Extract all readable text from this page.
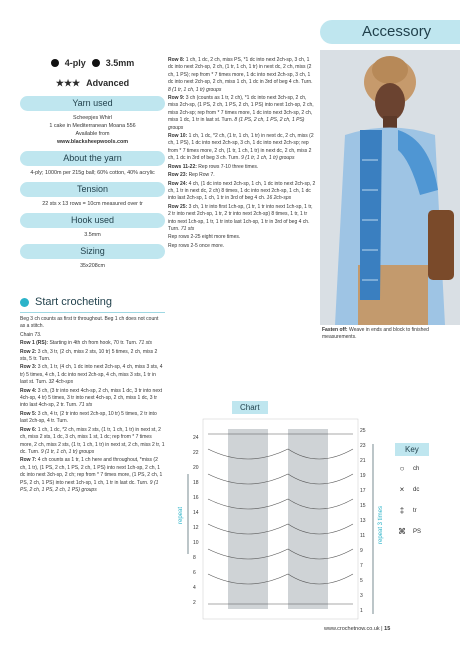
Accessory
4-ply 3.5mm
★★★ Advanced
Yarn used
Scheepjes Whirl
1 cake in Mediterranean Moana 556
Available from
www.blacksheepwools.com
About the yarn
4-ply; 1000m per 215g ball; 60% cotton, 40% acrylic
Tension
22 sts x 13 rows = 10cm measured over tr
Hook used
3.5mm
Sizing
35x208cm
Start crocheting

Beg 3 ch counts as first tr throughout. Beg 1 ch does not count as a stitch.

Chain 73.

Row 1 (RS): Starting in 4th ch from hook, 70 tr. Turn. 71 sts

Row 2: 3 ch, 3 tr, (2 ch, miss 2 sts, 10 tr) 5 times, 2 ch, miss 2 sts, 5 tr. Turn.

Row 3: 3 ch, 1 tr, (4 ch, 1 dc into next 2ch-sp, 4 ch, miss 3 sts, 4 tr) 5 times, 4 ch, 1 dc into next 2ch-sp, 4 ch, miss 3 sts, 1 tr in last st. Turn. 32 4ch-sps

Row 4: 3 ch, (3 tr into next 4ch-sp, 2 ch, miss 1 dc, 3 tr into next 4ch-sp, 4 tr) 5 times, 3 tr into next 4ch-sp, 2 ch, miss 1 dc, 3 tr into last 4ch-sp, 2 tr. Turn. 71 sts

Row 5: 3 ch, 4 tr, (2 tr into next 2ch-sp, 10 tr) 5 times, 2 tr into last 2ch-sp, 4 tr. Turn.

Row 6: 1 ch, 1 dc, *2 ch, miss 2 sts, (1 tr, 1 ch, 1 tr) in next st, 2 ch, miss 2 sts, 1 dc, 3 ch, miss 1 st, 1 dc; rep from * 7 times more, 2 ch, miss 2 sts, (1 tr, 1 ch, 1 tr) in next st, 2 ch, miss 2 tr, 1 dc. Turn. 9 (1 tr, 1 ch, 1 tr) groups

Row 7: 4 ch counts as 1 tr, 1 ch here and throughout, *miss (2 ch, 1 tr), (1 PS, 2 ch, 1 PS, 2 ch, 1 PS) into next 1ch-sp, 2 ch, 1 dc into next 3ch-sp, 2 ch; rep from * 7 times more, (1 PS, 2 ch, 1 PS, 2 ch, 1 PS) into next 1ch-sp, 1 ch, 1 tr in last dc. Turn. 9 (1 PS, 2 ch, 1 PS, 2 ch, 1 PS) groups

Row 8: 1 ch, 1 dc, 2 ch, miss PS, *1 dc into next 2ch-sp, 3 ch, 1 dc into next 2ch-sp, 2 ch, (1 tr, 1 ch, 1 tr) in next dc, 2 ch, miss (2 ch, 1 PS); rep from * 7 times more, 1 dc into next 2ch-sp, 3 ch, 1 dc into next 2ch-sp, 2 ch, miss 1 ch, 1 dc in 3rd of beg 4 ch. Turn. 8 (1 tr, 1 ch, 1 tr) groups

Row 9: 3 ch (counts as 1 tr, 2 ch), *1 dc into next 3ch-sp, 2 ch, miss 2ch-sp, (1 PS, 2 ch, 1 PS, 2 ch, 1 PS) into next 1ch-sp, 2 ch, miss 2ch-sp; rep from * 7 times more, 1 dc into next 3ch-sp, 2 ch, miss 1 dc, 1 tr in last st. Turn. 8 (1 PS, 2 ch, 1 PS, 2 ch, 1 PS) groups

Row 10: 1 ch, 1 dc, *2 ch, (1 tr, 1 ch, 1 tr) in next dc, 2 ch, miss (2 ch, 1 PS), 1 dc into next 2ch-sp, 3 ch, 1 dc into next 2ch-sp; rep from * 7 times more, 2 ch, (1 tr, 1 ch, 1 tr) in next dc, 2 ch, miss 2 ch, 1 dc in 3rd of beg 3 ch. Turn. 9 (1 tr, 1 ch, 1 tr) groups

Rows 11-22: Rep rows 7-10 three times.

Row 23: Rep Row 7.

Row 24: 4 ch, (1 dc into next 2ch-sp, 1 ch, 1 dc into next 2ch-sp, 2 ch, 1 tr in next dc, 2 ch) 8 times, 1 dc into next 2ch-sp, 1 ch, 1 dc into last 2ch-sp, 1 ch, 1 tr in 3rd of beg 4 ch. 16 2ch-sps

Row 25: 3 ch, 1 tr into first 1ch-sp, (1 tr, 1 tr into next 1ch-sp, 1 tr, 2 tr into next 2ch-sp, 1 tr, 2 tr into next 2ch-sp) 8 times, 1 tr, 1 tr into next 1ch-sp, 1 tr, 1 tr into last 1ch-sp, 1 tr in 3rd of beg 4 ch. Turn. 71 sts

Rep rows 2-25 eight more times.

Rep rows 2-5 once more.

Fasten off: Weave in ends and block to finished measurements.
Chart
repeat	repeat 3 times
25
23
21
19
17
15
13
11
9
7
5
3
1
24
22
20
18
16
14
12
10
8
6
4
2
Key
○	ch
×	dc
‡	tr
⌘	PS
www.crochetnow.co.uk | 15
